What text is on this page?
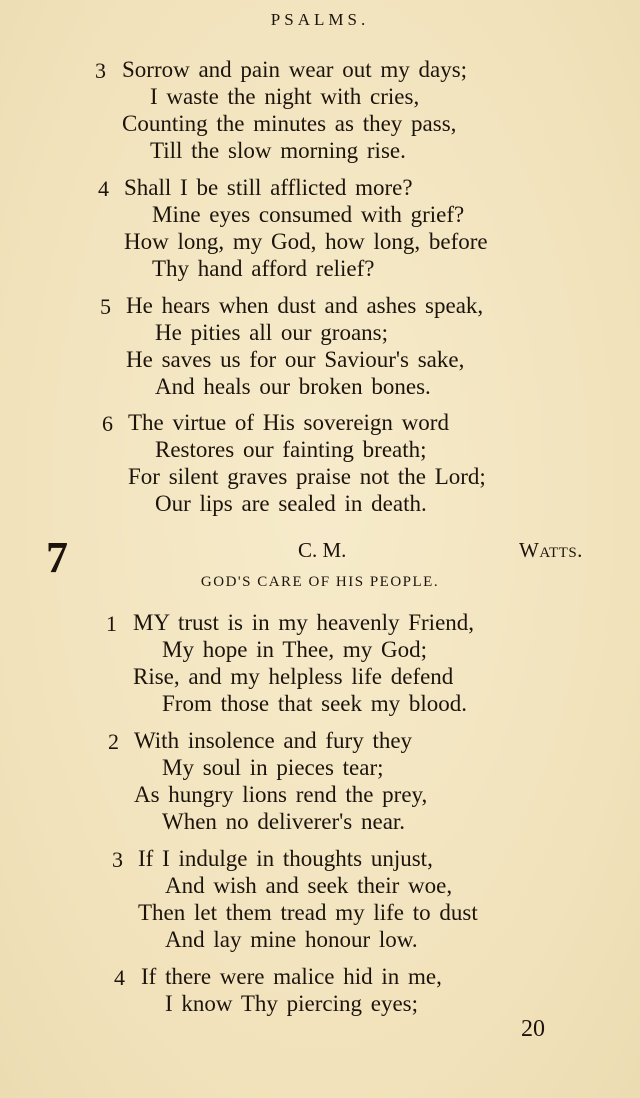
PSALMS.
3 Sorrow and pain wear out my days;
I waste the night with cries,
Counting the minutes as they pass,
Till the slow morning rise.
4 Shall I be still afflicted more?
Mine eyes consumed with grief?
How long, my God, how long, before
Thy hand afford relief?
5 He hears when dust and ashes speak,
He pities all our groans;
He saves us for our Saviour's sake,
And heals our broken bones.
6 The virtue of His sovereign word
Restores our fainting breath;
For silent graves praise not the Lord;
Our lips are sealed in death.
7	C. M.	Watts.
GOD'S CARE OF HIS PEOPLE.
1 MY trust is in my heavenly Friend,
My hope in Thee, my God;
Rise, and my helpless life defend
From those that seek my blood.
2 With insolence and fury they
My soul in pieces tear;
As hungry lions rend the prey,
When no deliverer's near.
3 If I indulge in thoughts unjust,
And wish and seek their woe,
Then let them tread my life to dust
And lay mine honour low.
4 If there were malice hid in me,
I know Thy piercing eyes;
20
